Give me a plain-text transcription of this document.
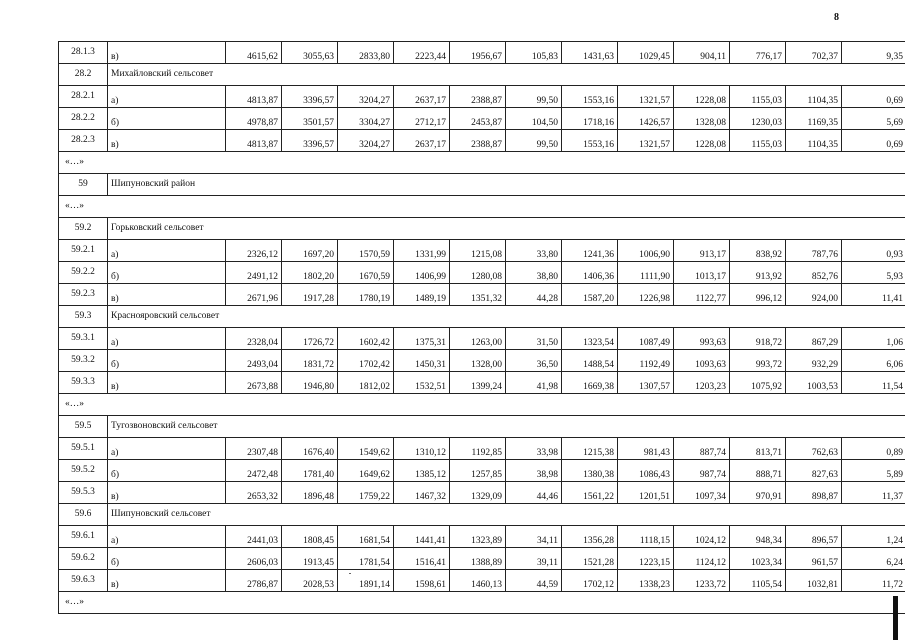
8
28.1.3	в)	4615,62	3055,63	2833,80	2223,44	1956,67	105,83	1431,63	1029,45	904,11	776,17	702,37	9,35
28.2	Михайловский сельсовет												
28.2.1	а)	4813,87	3396,57	3204,27	2637,17	2388,87	99,50	1553,16	1321,57	1228,08	1155,03	1104,35	0,69
28.2.2	б)	4978,87	3501,57	3304,27	2712,17	2453,87	104,50	1718,16	1426,57	1328,08	1230,03	1169,35	5,69
28.2.3	в)	4813,87	3396,57	3204,27	2637,17	2388,87	99,50	1553,16	1321,57	1228,08	1155,03	1104,35	0,69
«…»													
59	Шипуновский район												
«…»													
59.2	Горьковский сельсовет												
59.2.1	а)	2326,12	1697,20	1570,59	1331,99	1215,08	33,80	1241,36	1006,90	913,17	838,92	787,76	0,93
59.2.2	б)	2491,12	1802,20	1670,59	1406,99	1280,08	38,80	1406,36	1111,90	1013,17	913,92	852,76	5,93
59.2.3	в)	2671,96	1917,28	1780,19	1489,19	1351,32	44,28	1587,20	1226,98	1122,77	996,12	924,00	11,41
59.3	Краснояровский сельсовет												
59.3.1	а)	2328,04	1726,72	1602,42	1375,31	1263,00	31,50	1323,54	1087,49	993,63	918,72	867,29	1,06
59.3.2	б)	2493,04	1831,72	1702,42	1450,31	1328,00	36,50	1488,54	1192,49	1093,63	993,72	932,29	6,06
59.3.3	в)	2673,88	1946,80	1812,02	1532,51	1399,24	41,98	1669,38	1307,57	1203,23	1075,92	1003,53	11,54
«…»													
59.5	Тугозвоновский сельсовет												
59.5.1	а)	2307,48	1676,40	1549,62	1310,12	1192,85	33,98	1215,38	981,43	887,74	813,71	762,63	0,89
59.5.2	б)	2472,48	1781,40	1649,62	1385,12	1257,85	38,98	1380,38	1086,43	987,74	888,71	827,63	5,89
59.5.3	в)	2653,32	1896,48	1759,22	1467,32	1329,09	44,46	1561,22	1201,51	1097,34	970,91	898,87	11,37
59.6	Шипуновский сельсовет												
59.6.1	а)	2441,03	1808,45	1681,54	1441,41	1323,89	34,11	1356,28	1118,15	1024,12	948,34	896,57	1,24
59.6.2	б)	2606,03	1913,45	1781,54	1516,41	1388,89	39,11	1521,28	1223,15	1124,12	1023,34	961,57	6,24
59.6.3	в)	2786,87	2028,53	1891,14	1598,61	1460,13	44,59	1702,12	1338,23	1233,72	1105,54	1032,81	11,72
«…»													
